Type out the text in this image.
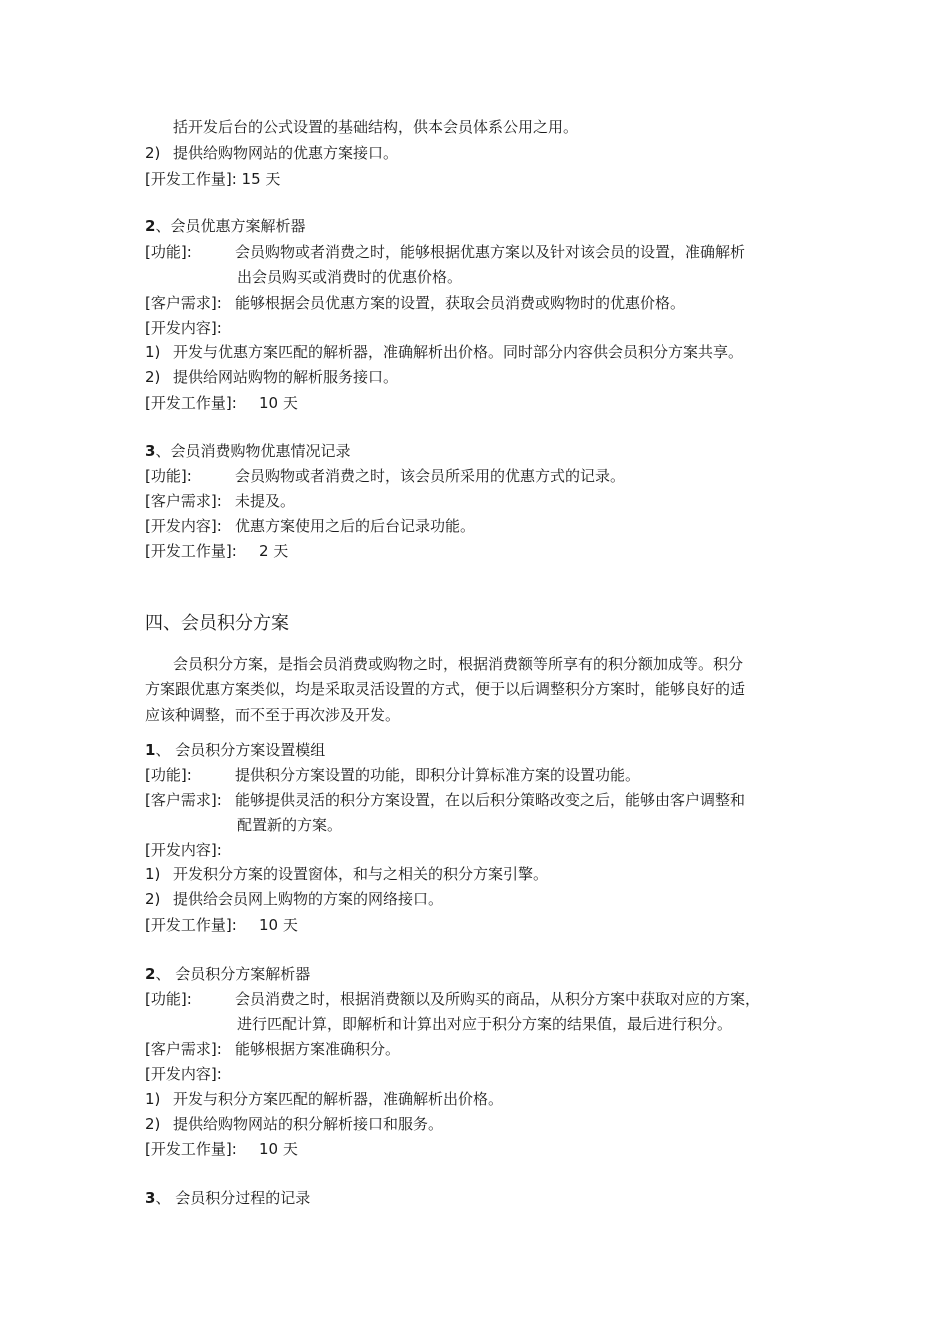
括开发后台的公式设置的基础结构，供本会员体系公用之用。
2) 提供给购物网站的优惠方案接口。
[开发工作量]: 15 天
2、会员优惠方案解析器
[功能]:	会员购物或者消费之时，能够根据优惠方案以及针对该会员的设置，准确解析
出会员购买或消费时的优惠价格。
[客户需求]: 能够根据会员优惠方案的设置，获取会员消费或购物时的优惠价格。
[开发内容]:
1) 开发与优惠方案匹配的解析器，准确解析出价格。同时部分内容供会员积分方案共享。
2) 提供给网站购物的解析服务接口。
[开发工作量]: 10 天
3、会员消费购物优惠情况记录
[功能]:	会员购物或者消费之时，该会员所采用的优惠方式的记录。
[客户需求]: 未提及。
[开发内容]: 优惠方案使用之后的后台记录功能。
[开发工作量]: 2 天
四、会员积分方案
会员积分方案，是指会员消费或购物之时，根据消费额等所享有的积分额加成等。积分
方案跟优惠方案类似，均是采取灵活设置的方式，便于以后调整积分方案时，能够良好的适
应该种调整，而不至于再次涉及开发。
1、 会员积分方案设置模组
[功能]:	提供积分方案设置的功能，即积分计算标准方案的设置功能。
[客户需求]: 能够提供灵活的积分方案设置，在以后积分策略改变之后，能够由客户调整和
配置新的方案。
[开发内容]:
1) 开发积分方案的设置窗体，和与之相关的积分方案引擎。
2) 提供给会员网上购物的方案的网络接口。
[开发工作量]: 10 天
2、 会员积分方案解析器
[功能]:	会员消费之时，根据消费额以及所购买的商品，从积分方案中获取对应的方案，
进行匹配计算，即解析和计算出对应于积分方案的结果值，最后进行积分。
[客户需求]: 能够根据方案准确积分。
[开发内容]:
1) 开发与积分方案匹配的解析器，准确解析出价格。
2) 提供给购物网站的积分解析接口和服务。
[开发工作量]: 10 天
3、 会员积分过程的记录
